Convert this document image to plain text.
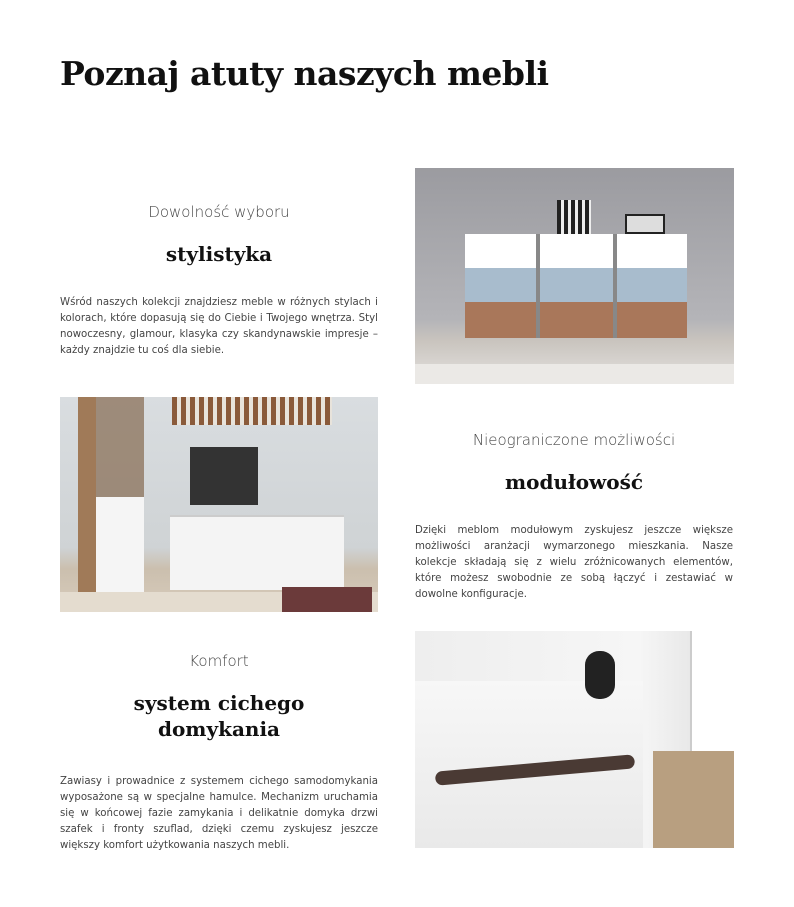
Poznaj atuty naszych mebli
Dowolność wyboru
stylistyka
Wśród naszych kolekcji znajdziesz meble w różnych stylach i kolorach, które dopasują się do Ciebie i Twojego wnętrza. Styl nowoczesny, glamour, klasyka czy skandynawskie impresje – każdy znajdzie tu coś dla siebie.
Nieograniczone możliwości
modułowość
Dzięki meblom modułowym zyskujesz jeszcze większe możliwości aranżacji wymarzonego mieszkania. Nasze kolekcje składają się z wielu zróżnicowanych elementów, które możesz swobodnie ze sobą łączyć i zestawiać w dowolne konfiguracje.
Komfort
system cichego domykania
Zawiasy i prowadnice z systemem cichego samodomykania wyposażone są w specjalne hamulce. Mechanizm uruchamia się w końcowej fazie zamykania i delikatnie domyka drzwi szafek i fronty szuflad, dzięki czemu zyskujesz jeszcze większy komfort użytkowania naszych mebli.
